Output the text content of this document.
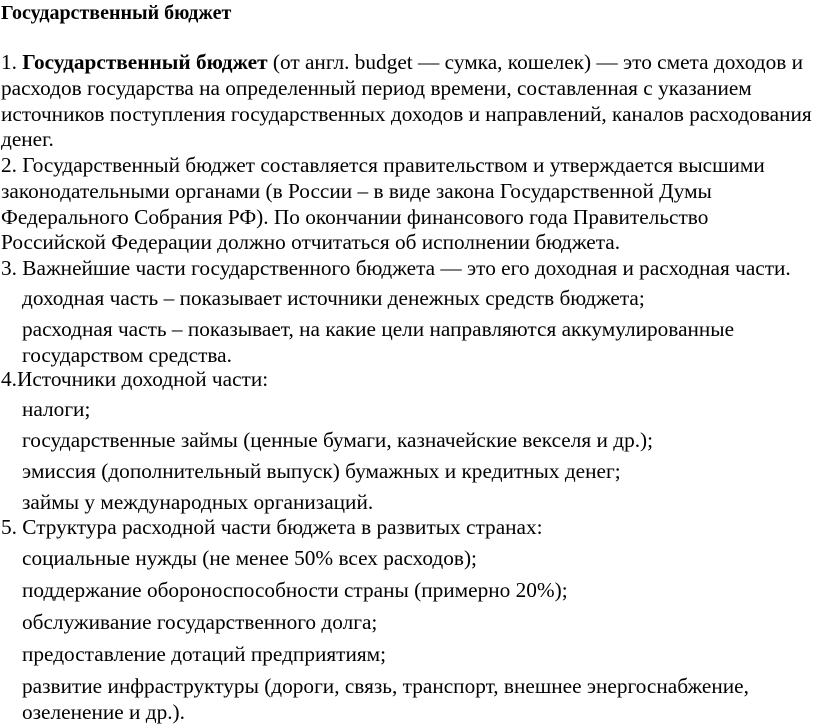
Государственный бюджет
1. Государственный бюджет (от англ. budget — сумка, кошелек) — это смета доходов и расходов государства на определенный период времени, составленная с указанием источников поступления государственных доходов и направлений, каналов расходования денег.
2. Государственный бюджет составляется правительством и утверждается высшими законодательными органами (в России – в виде закона Государственной Думы Федерального Собрания РФ). По окончании финансового года Правительство Российской Федерации должно отчитаться об исполнении бюджета.
3. Важнейшие части государственного бюджета — это его доходная и расходная части.
доходная часть – показывает источники денежных средств бюджета;
расходная часть – показывает, на какие цели направляются аккумулированные государством средства.
4.Источники доходной части:
налоги;
государственные займы (ценные бумаги, казначейские векселя и др.);
эмиссия (дополнительный выпуск) бумажных и кредитных денег;
займы у международных организаций.
5. Структура расходной части бюджета в развитых странах:
социальные нужды (не менее 50% всех расходов);
поддержание обороноспособности страны (примерно 20%);
обслуживание государственного долга;
предоставление дотаций предприятиям;
развитие инфраструктуры (дороги, связь, транспорт, внешнее энергоснабжение, озеленение и др.).
